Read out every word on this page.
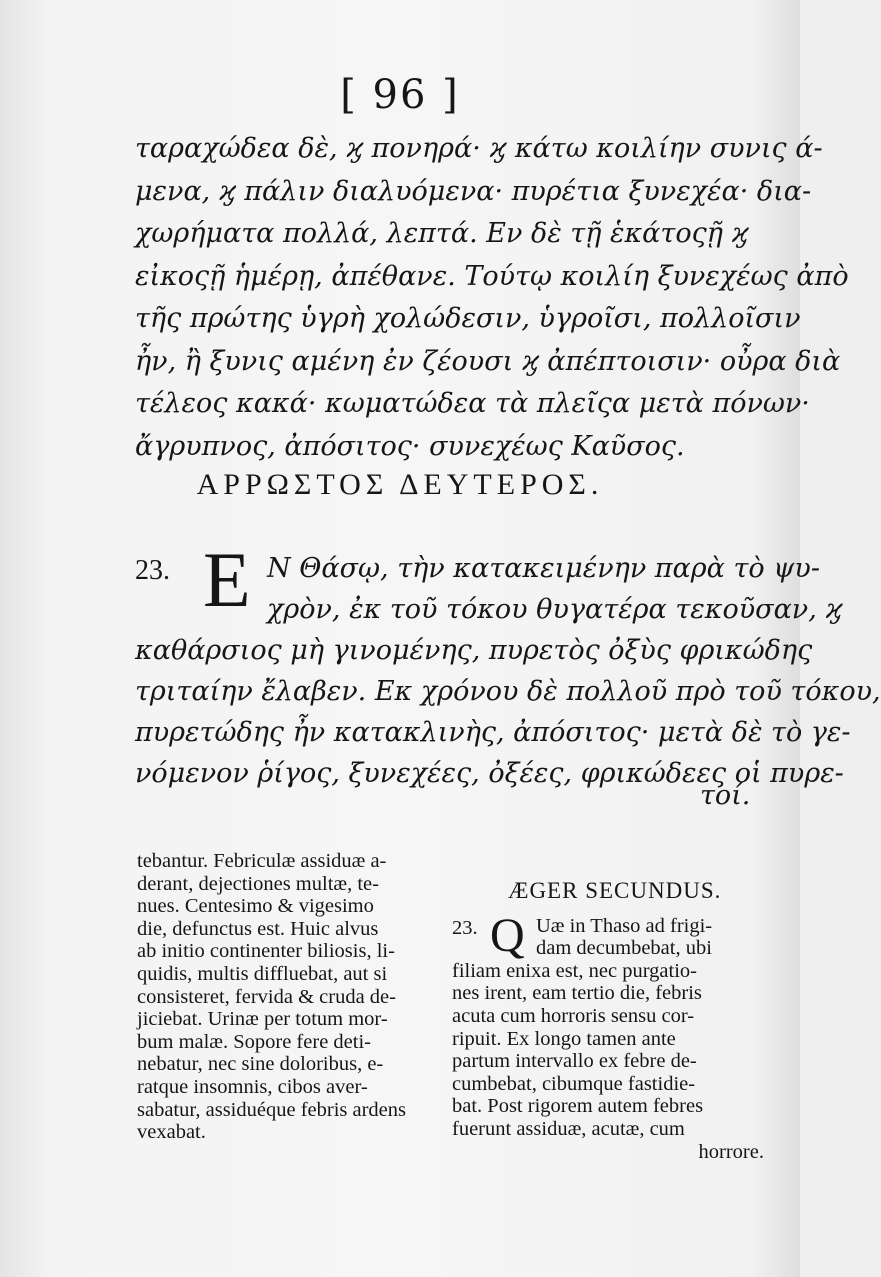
[ 96 ]
ταραχώδεα δὲ, ϗ πονηρά· ϗ κάτω κοιλίην συνις ά-
μενα, ϗ πάλιν διαλυόμενα· πυρέτια ξυνεχέα· δια-
χωρήματα πολλά, λεπτά. Εν δὲ τῇ ἑκάτοςῇ ϗ
εἰκοςῇ ἡμέρῃ, ἀπέθανε. Τούτῳ κοιλίη ξυνεχέως ἀπὸ
τῆς πρώτης ὑγρὴ χολώδεσιν, ὑγροῖσι, πολλοῖσιν
ἦν, ἢ ξυνις αμένη ἐν ζέουσι ϗ ἀπέπτοισιν· οὖρα διὰ
τέλεος κακά· κωματώδεα τὰ πλεῖςα μετὰ πόνων·
ἄγρυπνος, ἀπόσιτος· συνεχέως Καῦσος.
ΑΡΡΩΣΤΟΣ ΔΕΥΤΕΡΟΣ.
23. E Ν Θάσῳ, τὴν κατακειμένην παρὰ τὸ ψυ-
χρὸν, ἐκ τοῦ τόκου θυγατέρα τεκοῦσαν, ϗ
καθάρσιος μὴ γινομένης, πυρετὸς ὀξὺς φρικώδης
τριταίην ἔλαβεν. Εκ χρόνου δὲ πολλοῦ πρὸ τοῦ τόκου,
πυρετώδης ἦν κατακλινὴς, ἀπόσιτος· μετὰ δὲ τὸ γε-
νόμενον ῥίγος, ξυνεχέες, ὀξέες, φρικώδεες οἱ πυρε-
τοί.
tebantur. Febriculæ assiduæ a-
derant, dejectiones multæ, te-
nues. Centesimo & vigesimo
die, defunctus est. Huic alvus
ab initio continenter biliosis, li-
quidis, multis diffluebat, aut si
consisteret, fervida & cruda de-
jiciebat. Urinæ per totum mor-
bum malæ. Sopore fere deti-
nebatur, nec sine doloribus, e-
ratque insomnis, cibos aver-
sabatur, assiduéque febris ardens
vexabat.
ÆGER SECUNDUS.
23. Q Uæ in Thaso ad frigi-
dam decumbebat, ubi
filiam enixa est, nec purgatio-
nes irent, eam tertio die, febris
acuta cum horroris sensu cor-
ripuit. Ex longo tamen ante
partum intervallo ex febre de-
cumbebat, cibumque fastidie-
bat. Post rigorem autem febres
fuerunt assiduæ, acutæ, cum
horrore.
